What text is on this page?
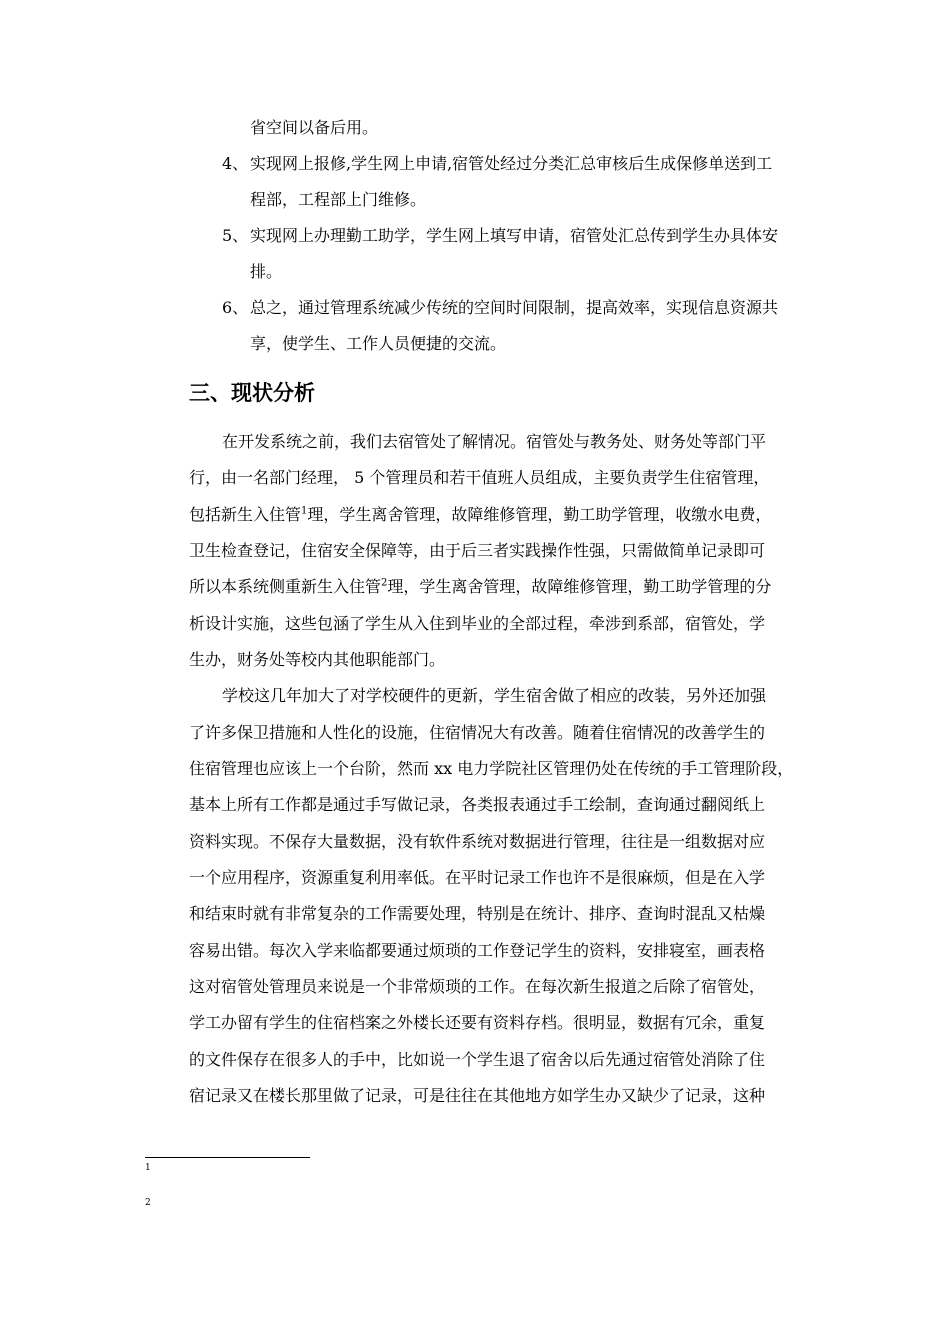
省空间以备后用。
4、 实现网上报修,学生网上申请,宿管处经过分类汇总审核后生成保修单送到工
程部，工程部上门维修。
5、 实现网上办理勤工助学，学生网上填写申请，宿管处汇总传到学生办具体安
排。
6、 总之，通过管理系统减少传统的空间时间限制，提高效率，实现信息资源共
享，使学生、工作人员便捷的交流。
三、现状分析
在开发系统之前，我们去宿管处了解情况。宿管处与教务处、财务处等部门平
行，由一名部门经理， 5 个管理员和若干值班人员组成，主要负责学生住宿管理，
包括新生入住管$^1$理，学生离舍管理，故障维修管理，勤工助学管理，收缴水电费，
卫生检查登记，住宿安全保障等，由于后三者实践操作性强，只需做简单记录即可
所以本系统侧重新生入住管$^2$理，学生离舍管理，故障维修管理，勤工助学管理的分
析设计实施，这些包涵了学生从入住到毕业的全部过程，牵涉到系部，宿管处，学
生办，财务处等校内其他职能部门。
学校这几年加大了对学校硬件的更新，学生宿舍做了相应的改装，另外还加强
了许多保卫措施和人性化的设施，住宿情况大有改善。随着住宿情况的改善学生的
住宿管理也应该上一个台阶，然而 xx 电力学院社区管理仍处在传统的手工管理阶段，
基本上所有工作都是通过手写做记录，各类报表通过手工绘制，查询通过翻阅纸上
资料实现。不保存大量数据，没有软件系统对数据进行管理，往往是一组数据对应
一个应用程序，资源重复利用率低。在平时记录工作也许不是很麻烦，但是在入学
和结束时就有非常复杂的工作需要处理，特别是在统计、排序、查询时混乱又枯燥
容易出错。每次入学来临都要通过烦琐的工作登记学生的资料，安排寝室，画表格
这对宿管处管理员来说是一个非常烦琐的工作。在每次新生报道之后除了宿管处，
学工办留有学生的住宿档案之外楼长还要有资料存档。很明显，数据有冗余，重复
的文件保存在很多人的手中，比如说一个学生退了宿舍以后先通过宿管处消除了住
宿记录又在楼长那里做了记录，可是往往在其他地方如学生办又缺少了记录，这种
1
2
